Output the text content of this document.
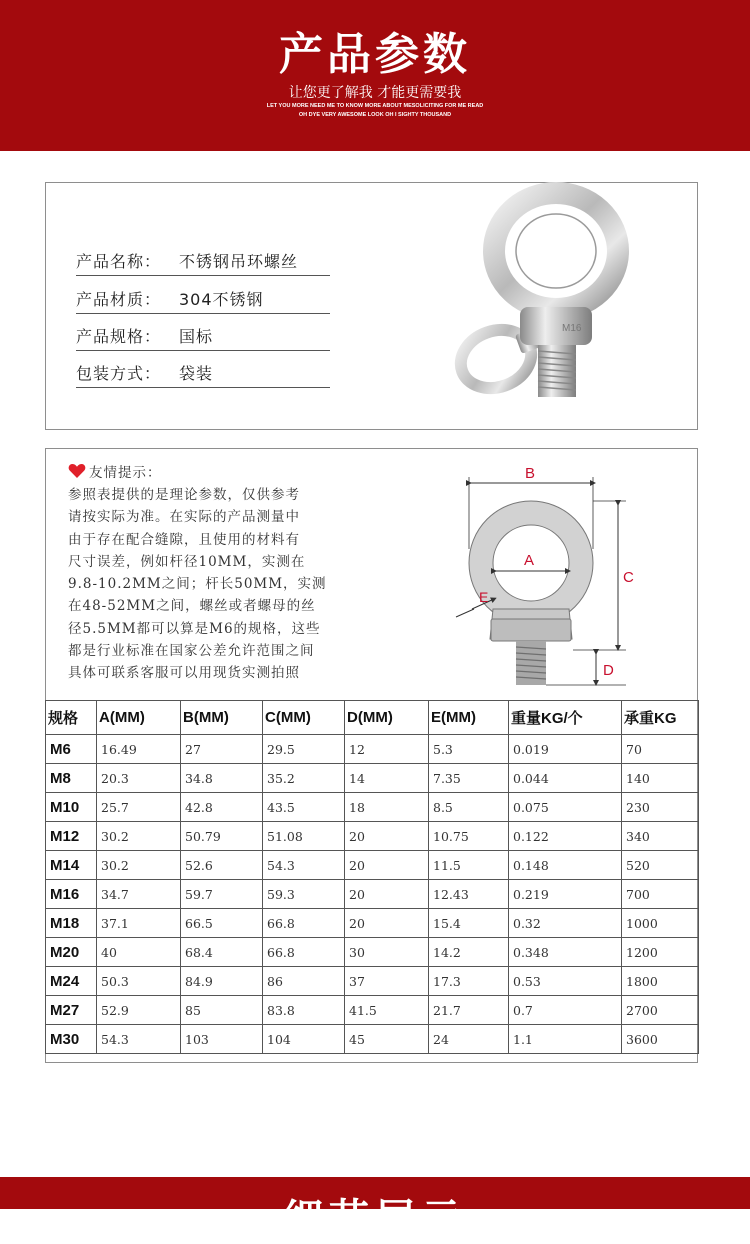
产品参数
让您更了解我 才能更需要我
LET YOU MORE NEED ME TO KNOW MORE ABOUT MESOLICITING FOR ME READ
OH DYE VERY AWESOME LOOK OH I SIGHTY THOUSAND
产品名称： 不锈钢吊环螺丝
产品材质： 304不锈钢
产品规格： 国标
包装方式： 袋装
M16
友情提示：
参照表提供的是理论参数，仅供参考
请按实际为准。在实际的产品测量中
由于存在配合缝隙，且使用的材料有
尺寸误差，例如杆径10MM，实测在
9.8-10.2MM之间；杆长50MM，实测
在48-52MM之间，螺丝或者螺母的丝
径5.5MM都可以算是M6的规格，这些
都是行业标准在国家公差允许范围之间
具体可联系客服可以用现货实测拍照
B
A
C
D
E
规格	A(MM)	B(MM)	C(MM)	D(MM)	E(MM)	重量KG/个	承重KG
M6	16.49	27	29.5	12	5.3	0.019	70
M8	20.3	34.8	35.2	14	7.35	0.044	140
M10	25.7	42.8	43.5	18	8.5	0.075	230
M12	30.2	50.79	51.08	20	10.75	0.122	340
M14	30.2	52.6	54.3	20	11.5	0.148	520
M16	34.7	59.7	59.3	20	12.43	0.219	700
M18	37.1	66.5	66.8	20	15.4	0.32	1000
M20	40	68.4	66.8	30	14.2	0.348	1200
M24	50.3	84.9	86	37	17.3	0.53	1800
M27	52.9	85	83.8	41.5	21.7	0.7	2700
M30	54.3	103	104	45	24	1.1	3600
细节展示
